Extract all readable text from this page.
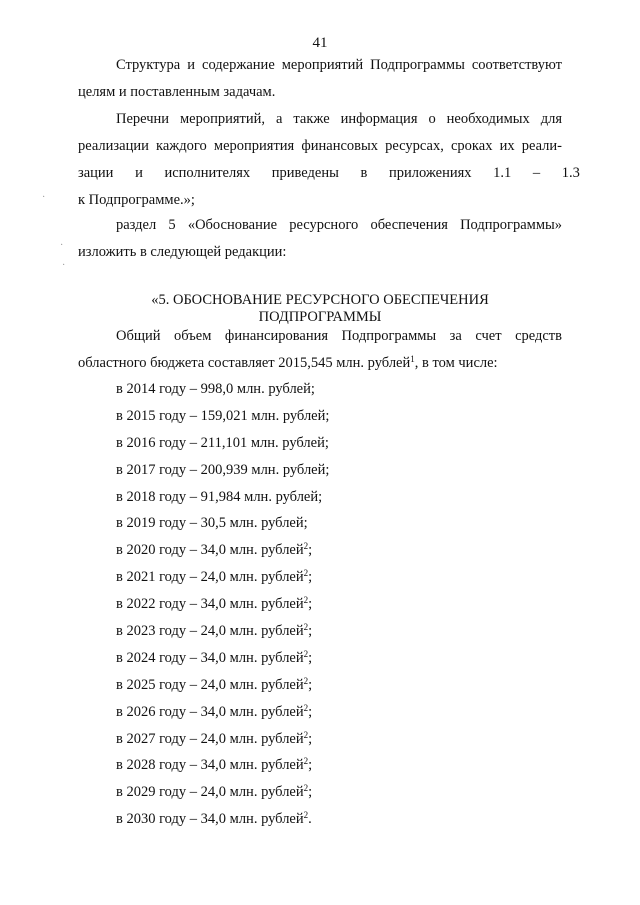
41
Структура и содержание мероприятий Подпрограммы соответствуют
целям и поставленным задачам.
Перечни мероприятий, а также информация о необходимых для
реализации каждого мероприятия финансовых ресурсах, сроках их реали-
зации и исполнителях приведены в приложениях 1.1 – 1.3
к Подпрограмме.»;
раздел 5 «Обоснование ресурсного обеспечения Подпрограммы»
изложить в следующей редакции:
«5. ОБОСНОВАНИЕ РЕСУРСНОГО ОБЕСПЕЧЕНИЯ
ПОДПРОГРАММЫ
Общий объем финансирования Подпрограммы за счет средств
областного бюджета составляет 2015,545 млн. рублей$^1$, в том числе:
в 2014 году – 998,0 млн. рублей;
в 2015 году – 159,021 млн. рублей;
в 2016 году – 211,101 млн. рублей;
в 2017 году – 200,939 млн. рублей;
в 2018 году – 91,984 млн. рублей;
в 2019 году – 30,5 млн. рублей;
в 2020 году – 34,0 млн. рублей$^2$;
в 2021 году – 24,0 млн. рублей$^2$;
в 2022 году – 34,0 млн. рублей$^2$;
в 2023 году – 24,0 млн. рублей$^2$;
в 2024 году – 34,0 млн. рублей$^2$;
в 2025 году – 24,0 млн. рублей$^2$;
в 2026 году – 34,0 млн. рублей$^2$;
в 2027 году – 24,0 млн. рублей$^2$;
в 2028 году – 34,0 млн. рублей$^2$;
в 2029 году – 24,0 млн. рублей$^2$;
в 2030 году – 34,0 млн. рублей$^2$.
·
·
·
